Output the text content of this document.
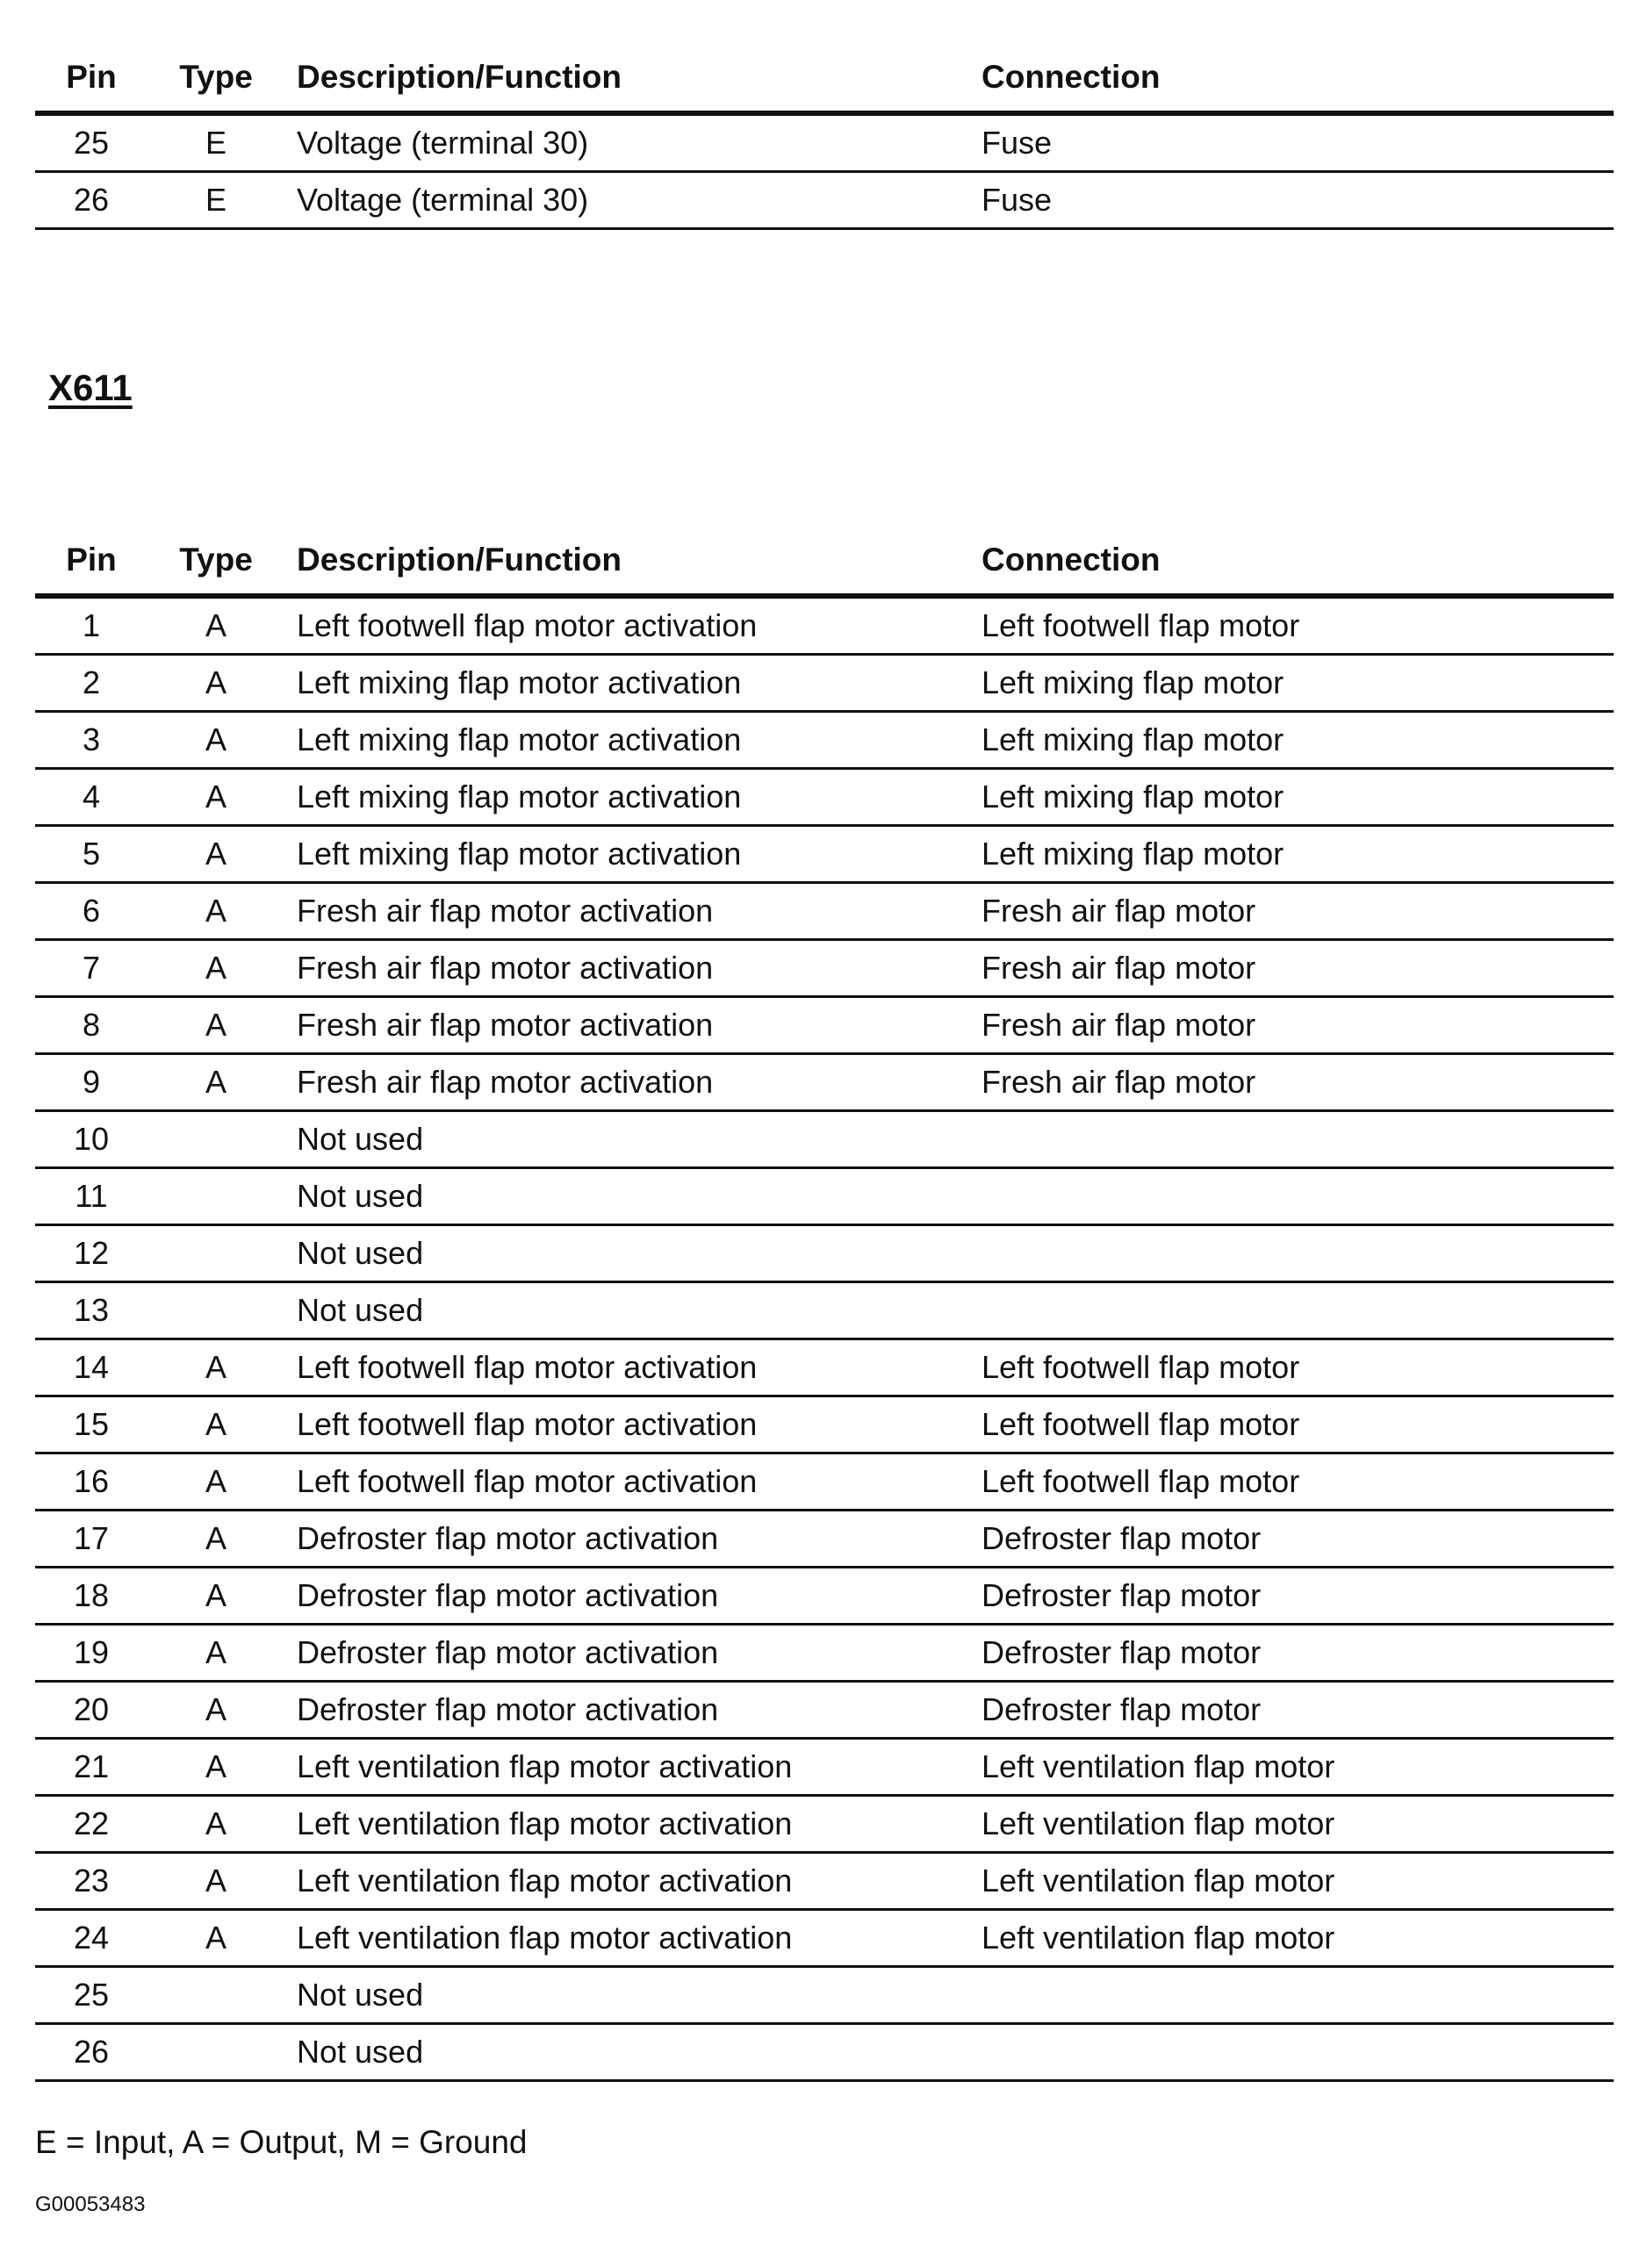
Pin	Type	Description/Function	Connection
25	E	Voltage (terminal 30)	Fuse
26	E	Voltage (terminal 30)	Fuse
X611
Pin	Type	Description/Function	Connection
1	A	Left footwell flap motor activation	Left footwell flap motor
2	A	Left mixing flap motor activation	Left mixing flap motor
3	A	Left mixing flap motor activation	Left mixing flap motor
4	A	Left mixing flap motor activation	Left mixing flap motor
5	A	Left mixing flap motor activation	Left mixing flap motor
6	A	Fresh air flap motor activation	Fresh air flap motor
7	A	Fresh air flap motor activation	Fresh air flap motor
8	A	Fresh air flap motor activation	Fresh air flap motor
9	A	Fresh air flap motor activation	Fresh air flap motor
10		Not used	
11		Not used	
12		Not used	
13		Not used	
14	A	Left footwell flap motor activation	Left footwell flap motor
15	A	Left footwell flap motor activation	Left footwell flap motor
16	A	Left footwell flap motor activation	Left footwell flap motor
17	A	Defroster flap motor activation	Defroster flap motor
18	A	Defroster flap motor activation	Defroster flap motor
19	A	Defroster flap motor activation	Defroster flap motor
20	A	Defroster flap motor activation	Defroster flap motor
21	A	Left ventilation flap motor activation	Left ventilation flap motor
22	A	Left ventilation flap motor activation	Left ventilation flap motor
23	A	Left ventilation flap motor activation	Left ventilation flap motor
24	A	Left ventilation flap motor activation	Left ventilation flap motor
25		Not used	
26		Not used	
E = Input, A = Output, M = Ground
G00053483
